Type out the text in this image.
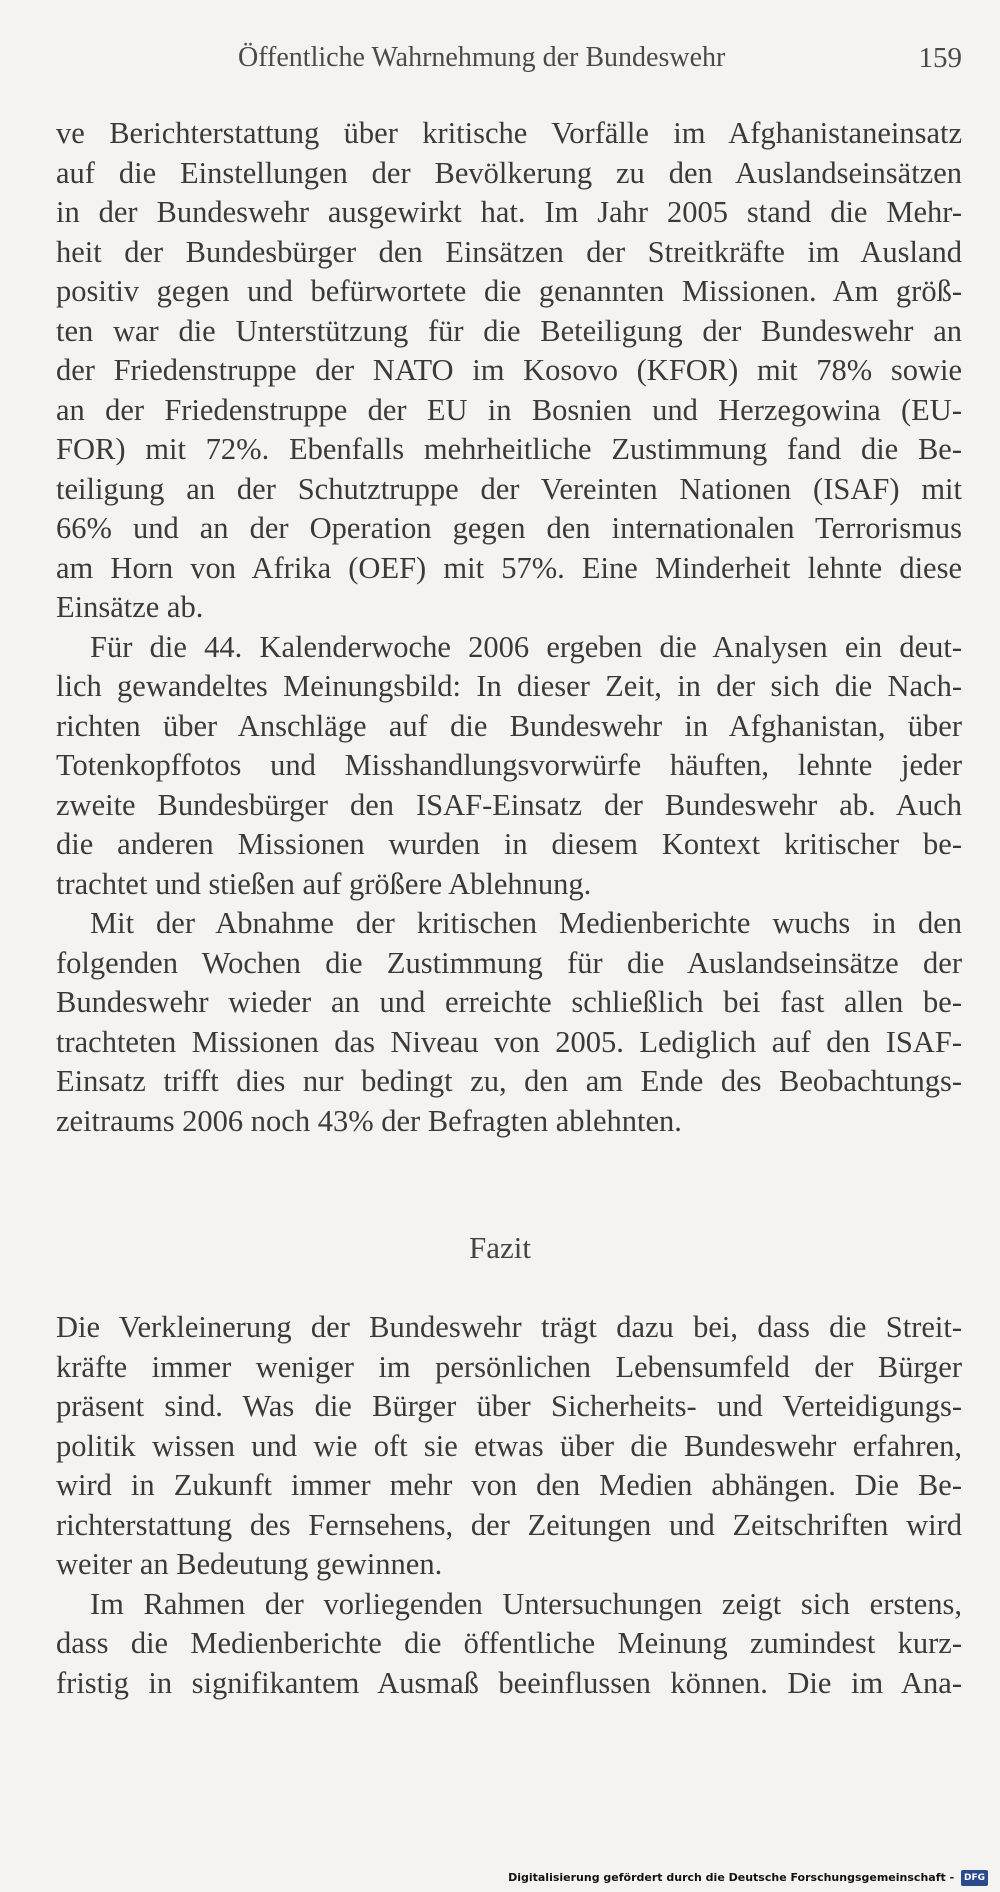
Öffentliche Wahrnehmung der Bundeswehr	159

ve Berichterstattung über kritische Vorfälle im Afghanistaneinsatz
auf die Einstellungen der Bevölkerung zu den Auslandseinsätzen
in der Bundeswehr ausgewirkt hat. Im Jahr 2005 stand die Mehr-
heit der Bundesbürger den Einsätzen der Streitkräfte im Ausland
positiv gegen und befürwortete die genannten Missionen. Am größ-
ten war die Unterstützung für die Beteiligung der Bundeswehr an
der Friedenstruppe der NATO im Kosovo (KFOR) mit 78% sowie
an der Friedenstruppe der EU in Bosnien und Herzegowina (EU-
FOR) mit 72%. Ebenfalls mehrheitliche Zustimmung fand die Be-
teiligung an der Schutztruppe der Vereinten Nationen (ISAF) mit
66% und an der Operation gegen den internationalen Terrorismus
am Horn von Afrika (OEF) mit 57%. Eine Minderheit lehnte diese
Einsätze ab.

Für die 44. Kalenderwoche 2006 ergeben die Analysen ein deut-
lich gewandeltes Meinungsbild: In dieser Zeit, in der sich die Nach-
richten über Anschläge auf die Bundeswehr in Afghanistan, über
Totenkopffotos und Misshandlungsvorwürfe häuften, lehnte jeder
zweite Bundesbürger den ISAF-Einsatz der Bundeswehr ab. Auch
die anderen Missionen wurden in diesem Kontext kritischer be-
trachtet und stießen auf größere Ablehnung.

Mit der Abnahme der kritischen Medienberichte wuchs in den
folgenden Wochen die Zustimmung für die Auslandseinsätze der
Bundeswehr wieder an und erreichte schließlich bei fast allen be-
trachteten Missionen das Niveau von 2005. Lediglich auf den ISAF-
Einsatz trifft dies nur bedingt zu, den am Ende des Beobachtungs-
zeitraums 2006 noch 43% der Befragten ablehnten.

Fazit

Die Verkleinerung der Bundeswehr trägt dazu bei, dass die Streit-
kräfte immer weniger im persönlichen Lebensumfeld der Bürger
präsent sind. Was die Bürger über Sicherheits- und Verteidigungs-
politik wissen und wie oft sie etwas über die Bundeswehr erfahren,
wird in Zukunft immer mehr von den Medien abhängen. Die Be-
richterstattung des Fernsehens, der Zeitungen und Zeitschriften wird
weiter an Bedeutung gewinnen.

Im Rahmen der vorliegenden Untersuchungen zeigt sich erstens,
dass die Medienberichte die öffentliche Meinung zumindest kurz-
fristig in signifikantem Ausmaß beeinflussen können. Die im Ana-

Digitalisierung gefördert durch die Deutsche Forschungsgemeinschaft - DFG
